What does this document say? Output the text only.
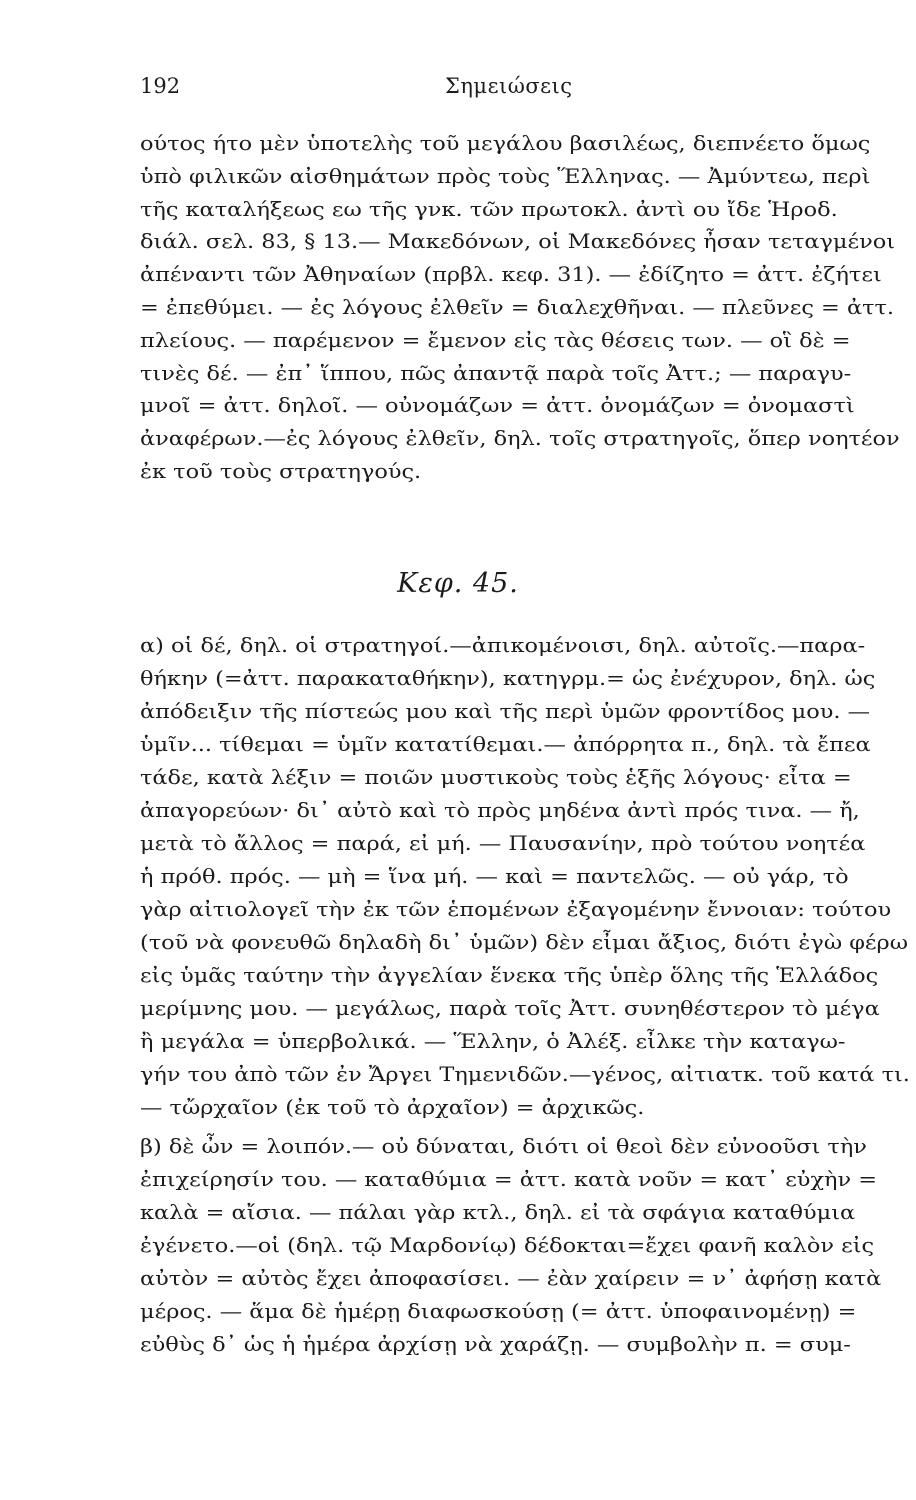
192	Σημειώσεις
ούτος ήτο μὲν ὑποτελὴς τοῦ μεγάλου βασιλέως, διεπνέετο ὅμως
ὑπὸ φιλικῶν αἰσθημάτων πρὸς τοὺς Ἕλληνας. — Ἀμύντεω, περὶ
τῆς καταλήξεως εω τῆς γνκ. τῶν πρωτοκλ. ἀντὶ ου ἴδε Ἡροδ.
διάλ. σελ. 83, § 13.— Μακεδόνων, οἱ Μακεδόνες ἦσαν τεταγμένοι
ἀπέναντι τῶν Ἀθηναίων (πρβλ. κεφ. 31). — ἐδίζητο = ἀττ. ἐζήτει
= ἐπεθύμει. — ἐς λόγους ἐλθεῖν = διαλεχθῆναι. — πλεῦνες = ἀττ.
πλείους. — παρέμενον = ἔμενον εἰς τὰς θέσεις των. — οἳ δὲ =
τινὲς δέ. — ἐπ᾽ ἵππου, πῶς ἀπαντᾷ παρὰ τοῖς Ἀττ.; — παραγυ-
μνοῖ = ἀττ. δηλοῖ. — οὐνομάζων = ἀττ. ὀνομάζων = ὀνομαστὶ
ἀναφέρων.—ἐς λόγους ἐλθεῖν, δηλ. τοῖς στρατηγοῖς, ὅπερ νοητέον
ἐκ τοῦ τοὺς στρατηγούς.
Κεφ. 45.
α) οἱ δέ, δηλ. οἱ στρατηγοί.—ἀπικομένοισι, δηλ. αὐτοῖς.—παρα-
θήκην (=ἀττ. παρακαταθήκην), κατηγρμ.= ὡς ἐνέχυρον, δηλ. ὡς
ἀπόδειξιν τῆς πίστεώς μου καὶ τῆς περὶ ὑμῶν φροντίδος μου. —
ὑμῖν... τίθεμαι = ὑμῖν κατατίθεμαι.— ἀπόρρητα π., δηλ. τὰ ἔπεα
τάδε, κατὰ λέξιν = ποιῶν μυστικοὺς τοὺς ἑξῆς λόγους· εἶτα =
ἀπαγορεύων· δι᾽ αὐτὸ καὶ τὸ πρὸς μηδένα ἀντὶ πρός τινα. — ἤ,
μετὰ τὸ ἄλλος = παρά, εἰ μή. — Παυσανίην, πρὸ τούτου νοητέα
ἡ πρόθ. πρός. — μὴ = ἵνα μή. — καὶ = παντελῶς. — οὐ γάρ, τὸ
γὰρ αἰτιολογεῖ τὴν ἐκ τῶν ἑπομένων ἐξαγομένην ἔννοιαν: τούτου
(τοῦ νὰ φονευθῶ δηλαδὴ δι᾽ ὑμῶν) δὲν εἶμαι ἄξιος, διότι ἐγὼ φέρω
εἰς ὑμᾶς ταύτην τὴν ἀγγελίαν ἕνεκα τῆς ὑπὲρ ὅλης τῆς Ἑλλάδος
μερίμνης μου. — μεγάλως, παρὰ τοῖς Ἀττ. συνηθέστερον τὸ μέγα
ἢ μεγάλα = ὑπερβολικά. — Ἕλλην, ὁ Ἀλέξ. εἶλκε τὴν καταγω-
γήν του ἀπὸ τῶν ἐν Ἄργει Τημενιδῶν.—γένος, αἰτιατκ. τοῦ κατά τι.
— τὤρχαῖον (ἐκ τοῦ τὸ ἀρχαῖον) = ἀρχικῶς.
β) δὲ ὦν = λοιπόν.— οὐ δύναται, διότι οἱ θεοὶ δὲν εὐνοοῦσι τὴν
ἐπιχείρησίν του. — καταθύμια = ἀττ. κατὰ νοῦν = κατ᾽ εὐχὴν =
καλὰ = αἴσια. — πάλαι γὰρ κτλ., δηλ. εἰ τὰ σφάγια καταθύμια
ἐγένετο.—οἱ (δηλ. τῷ Μαρδονίῳ) δέδοκται=ἔχει φανῆ καλὸν εἰς
αὐτὸν = αὐτὸς ἔχει ἀποφασίσει. — ἐὰν χαίρειν = ν᾽ ἀφήσῃ κατὰ
μέρος. — ἅμα δὲ ἡμέρῃ διαφωσκούσῃ (= ἀττ. ὑποφαινομένῃ) =
εὐθὺς δ᾽ ὡς ἡ ἡμέρα ἀρχίσῃ νὰ χαράζῃ. — συμβολὴν π. = συμ-
